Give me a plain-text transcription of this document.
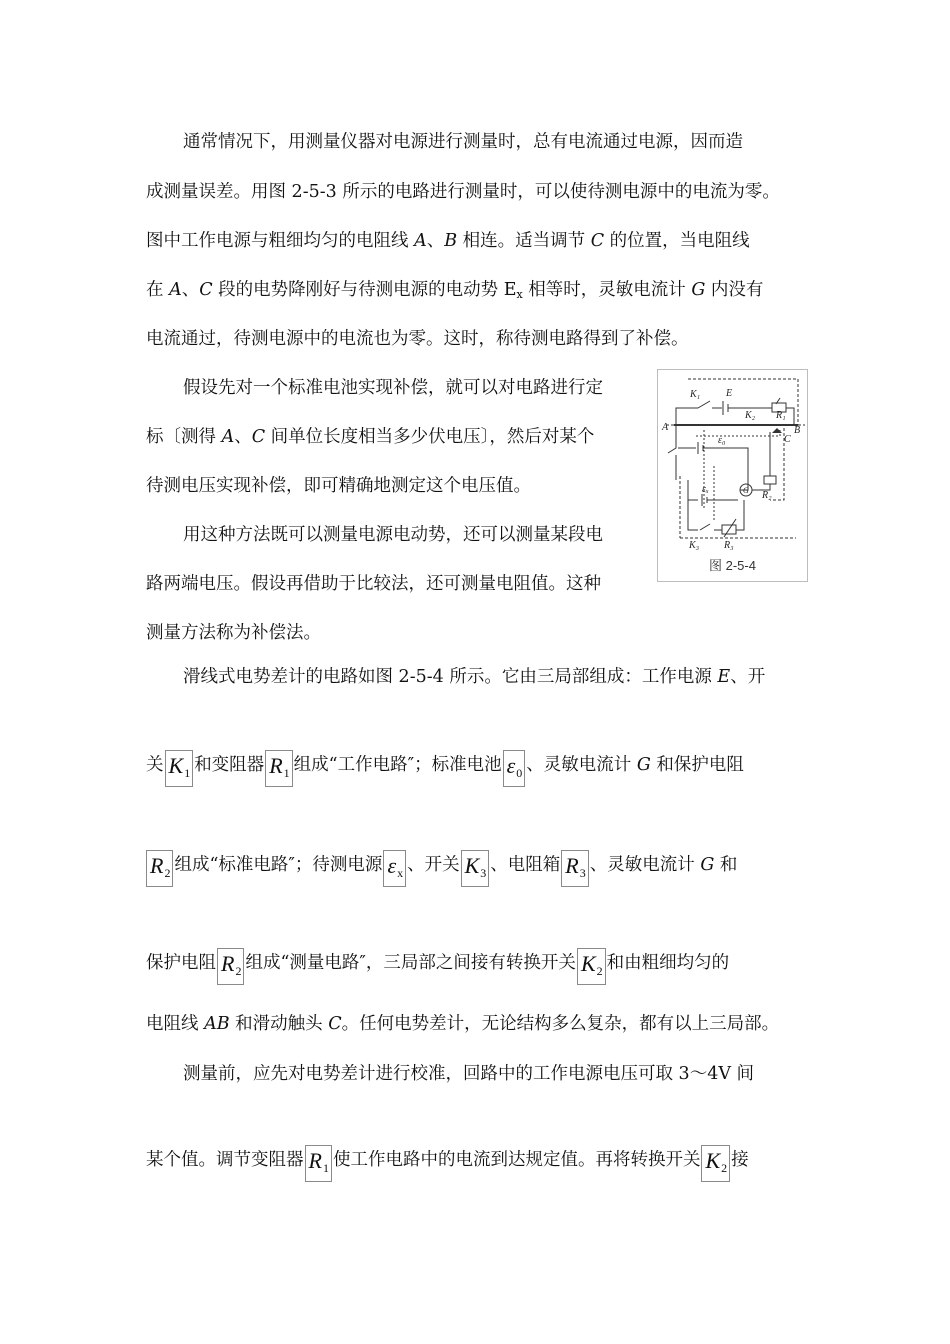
通常情况下，用测量仪器对电源进行测量时，总有电流通过电源，因而造
成测量误差。用图 2-5-3 所示的电路进行测量时，可以使待测电源中的电流为零。
图中工作电源与粗细均匀的电阻线 A、B 相连。适当调节 C 的位置，当电阻线
在 A、C 段的电势降刚好与待测电源的电动势 $E_x$ 相等时，灵敏电流计 G 内没有
电流通过，待测电源中的电流也为零。这时，称待测电路得到了补偿。
假设先对一个标准电池实现补偿，就可以对电路进行定
标〔测得 A、C 间单位长度相当多少伏电压〕，然后对某个
待测电压实现补偿，即可精确地测定这个电压值。
用这种方法既可以测量电源电动势，还可以测量某段电
路两端电压。假设再借助于比较法，还可测量电阻值。这种
测量方法称为补偿法。
K₁	E
R₁
K₂
A	B
C
ε₀
G R₂
εₓ
K₃ R₃
图 2-5-4
滑线式电势差计的电路如图 2-5-4 所示。它由三局部组成：工作电源 E、开
关 K1 和变阻器 R1 组成“工作电路″；标准电池 ε0 、灵敏电流计 G 和保护电阻
R2 组成“标准电路″；待测电源 εx 、开关 K3 、电阻箱 R3 、灵敏电流计 G 和
保护电阻 R2 组成“测量电路″，三局部之间接有转换开关 K2 和由粗细均匀的
电阻线 AB 和滑动触头 C。任何电势差计，无论结构多么复杂，都有以上三局部。
测量前，应先对电势差计进行校准，回路中的工作电源电压可取 3～4V 间
某个值。调节变阻器 R1 使工作电路中的电流到达规定值。再将转换开关 K2 接
